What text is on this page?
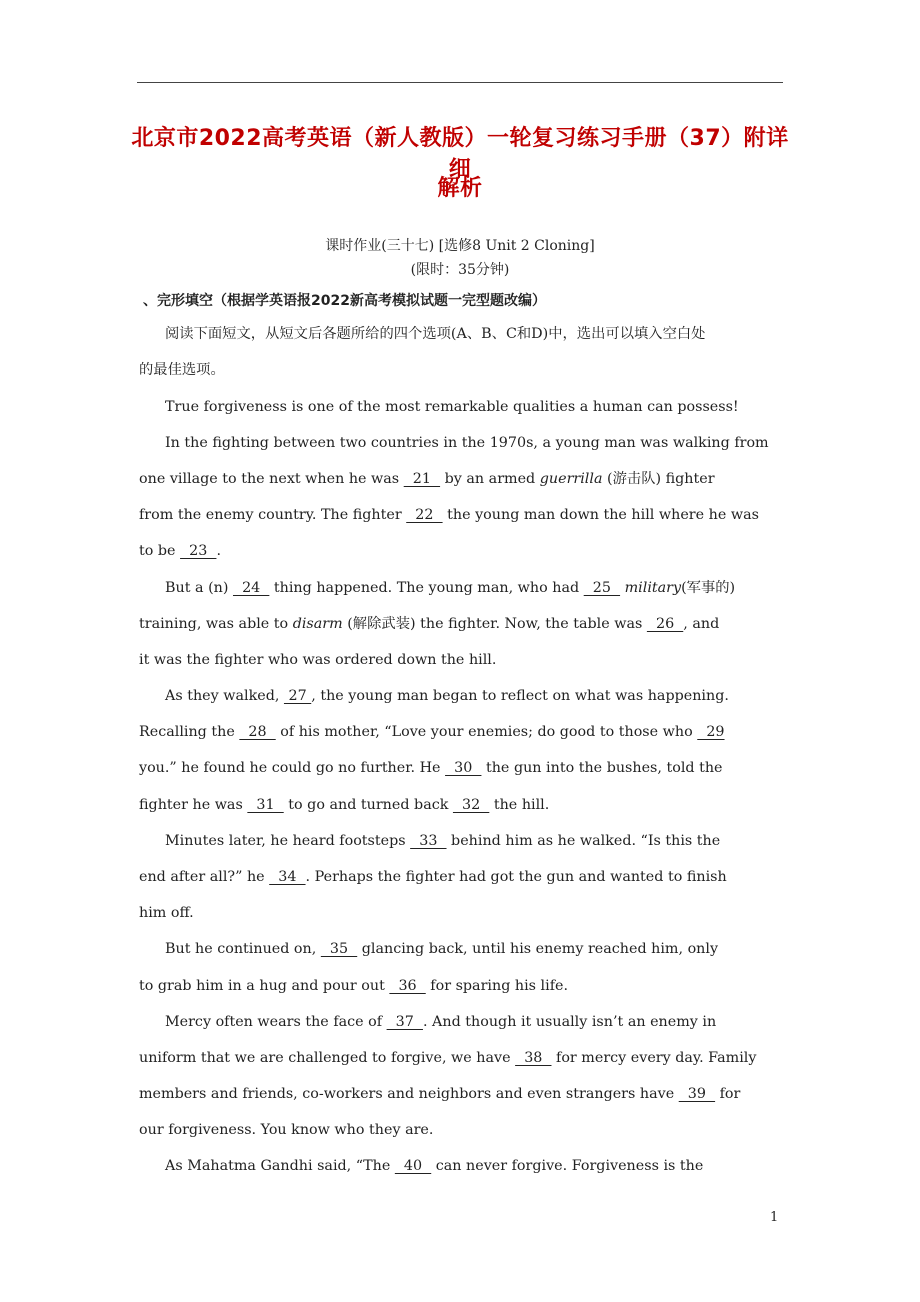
北京市2022高考英语（新人教版）一轮复习练习手册（37）附详细
解析
课时作业(三十七) [选修8 Unit 2 Cloning]
(限时：35分钟)
、完形填空（根据学英语报2022新高考模拟试题一完型题改编）
阅读下面短文，从短文后各题所给的四个选项(A、B、C和D)中，选出可以填入空白处
的最佳选项。
True forgiveness is one of the most remarkable qualities a human can possess!
In the fighting between two countries in the 1970s, a young man was walking from
one village to the next when he was   21   by an armed guerrilla (游击队) fighter
from the enemy country. The fighter   22   the young man down the hill where he was
to be   23  .
But a (n)   24   thing happened. The young man, who had   25   military(军事的)
training, was able to disarm (解除武装) the fighter. Now, the table was   26  , and
it was the fighter who was ordered down the hill.
As they walked,  27 , the young man began to reflect on what was happening.
Recalling the   28   of his mother, “Love your enemies; do good to those who   29
you.” he found he could go no further. He   30   the gun into the bushes, told the
fighter he was   31   to go and turned back   32   the hill.
Minutes later, he heard footsteps   33   behind him as he walked. “Is this the
end after all?” he   34  . Perhaps the fighter had got the gun and wanted to finish
him off.
But he continued on,   35   glancing back, until his enemy reached him, only
to grab him in a hug and pour out   36   for sparing his life.
Mercy often wears the face of   37  . And though it usually isn’t an enemy in
uniform that we are challenged to forgive, we have   38   for mercy every day. Family
members and friends, co-workers and neighbors and even strangers have   39   for
our forgiveness. You know who they are.
As Mahatma Gandhi said, “The   40   can never forgive. Forgiveness is the
1
